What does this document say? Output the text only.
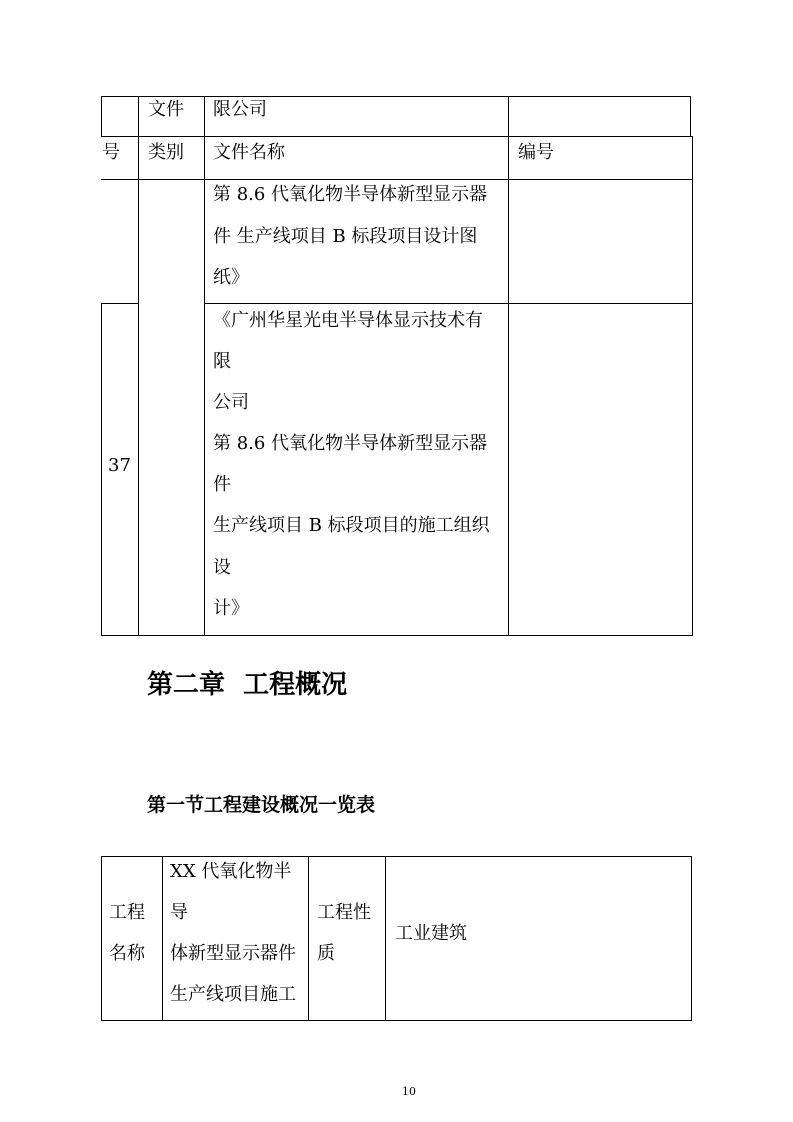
文件 限公司
号 类别 文件名称	编号
第 8.6 代氧化物半导体新型显示器
件 生产线项目 B 标段项目设计图
纸》
37
《广州华星光电半导体显示技术有
限
公司
第 8.6 代氧化物半导体新型显示器
件
生产线项目 B 标段项目的施工组织
设
计》
第二章  工程概况
第一节工程建设概况一览表
工程
名称
XX 代氧化物半
导
体新型显示器件
生产线项目施工
工程性
质
工业建筑
10
